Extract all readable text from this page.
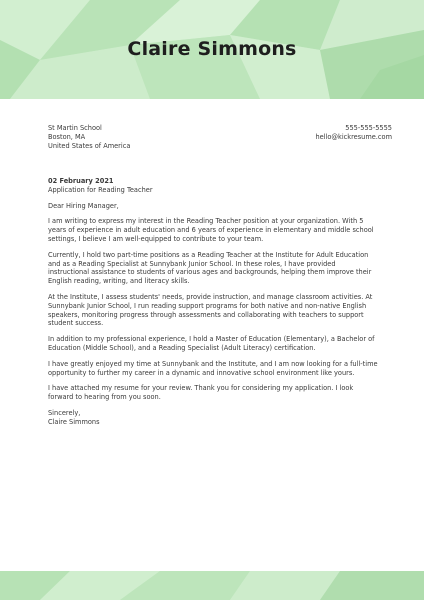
Claire Simmons
St Martin School
Boston, MA
United States of America
555-555-5555
hello@kickresume.com
02 February 2021

Application for Reading Teacher

Dear Hiring Manager,

I am writing to express my interest in the Reading Teacher position at your organization. With 5 years of experience in adult education and 6 years of experience in elementary and middle school settings, I believe I am well-equipped to contribute to your team.

Currently, I hold two part-time positions as a Reading Teacher at the Institute for Adult Education and as a Reading Specialist at Sunnybank Junior School. In these roles, I have provided instructional assistance to students of various ages and backgrounds, helping them improve their English reading, writing, and literacy skills.

At the Institute, I assess students' needs, provide instruction, and manage classroom activities. At Sunnybank Junior School, I run reading support programs for both native and non-native English speakers, monitoring progress through assessments and collaborating with teachers to support student success.

In addition to my professional experience, I hold a Master of Education (Elementary), a Bachelor of Education (Middle School), and a Reading Specialist (Adult Literacy) certification.

I have greatly enjoyed my time at Sunnybank and the Institute, and I am now looking for a full-time opportunity to further my career in a dynamic and innovative school environment like yours.

I have attached my resume for your review. Thank you for considering my application. I look forward to hearing from you soon.

Sincerely,

Claire Simmons
